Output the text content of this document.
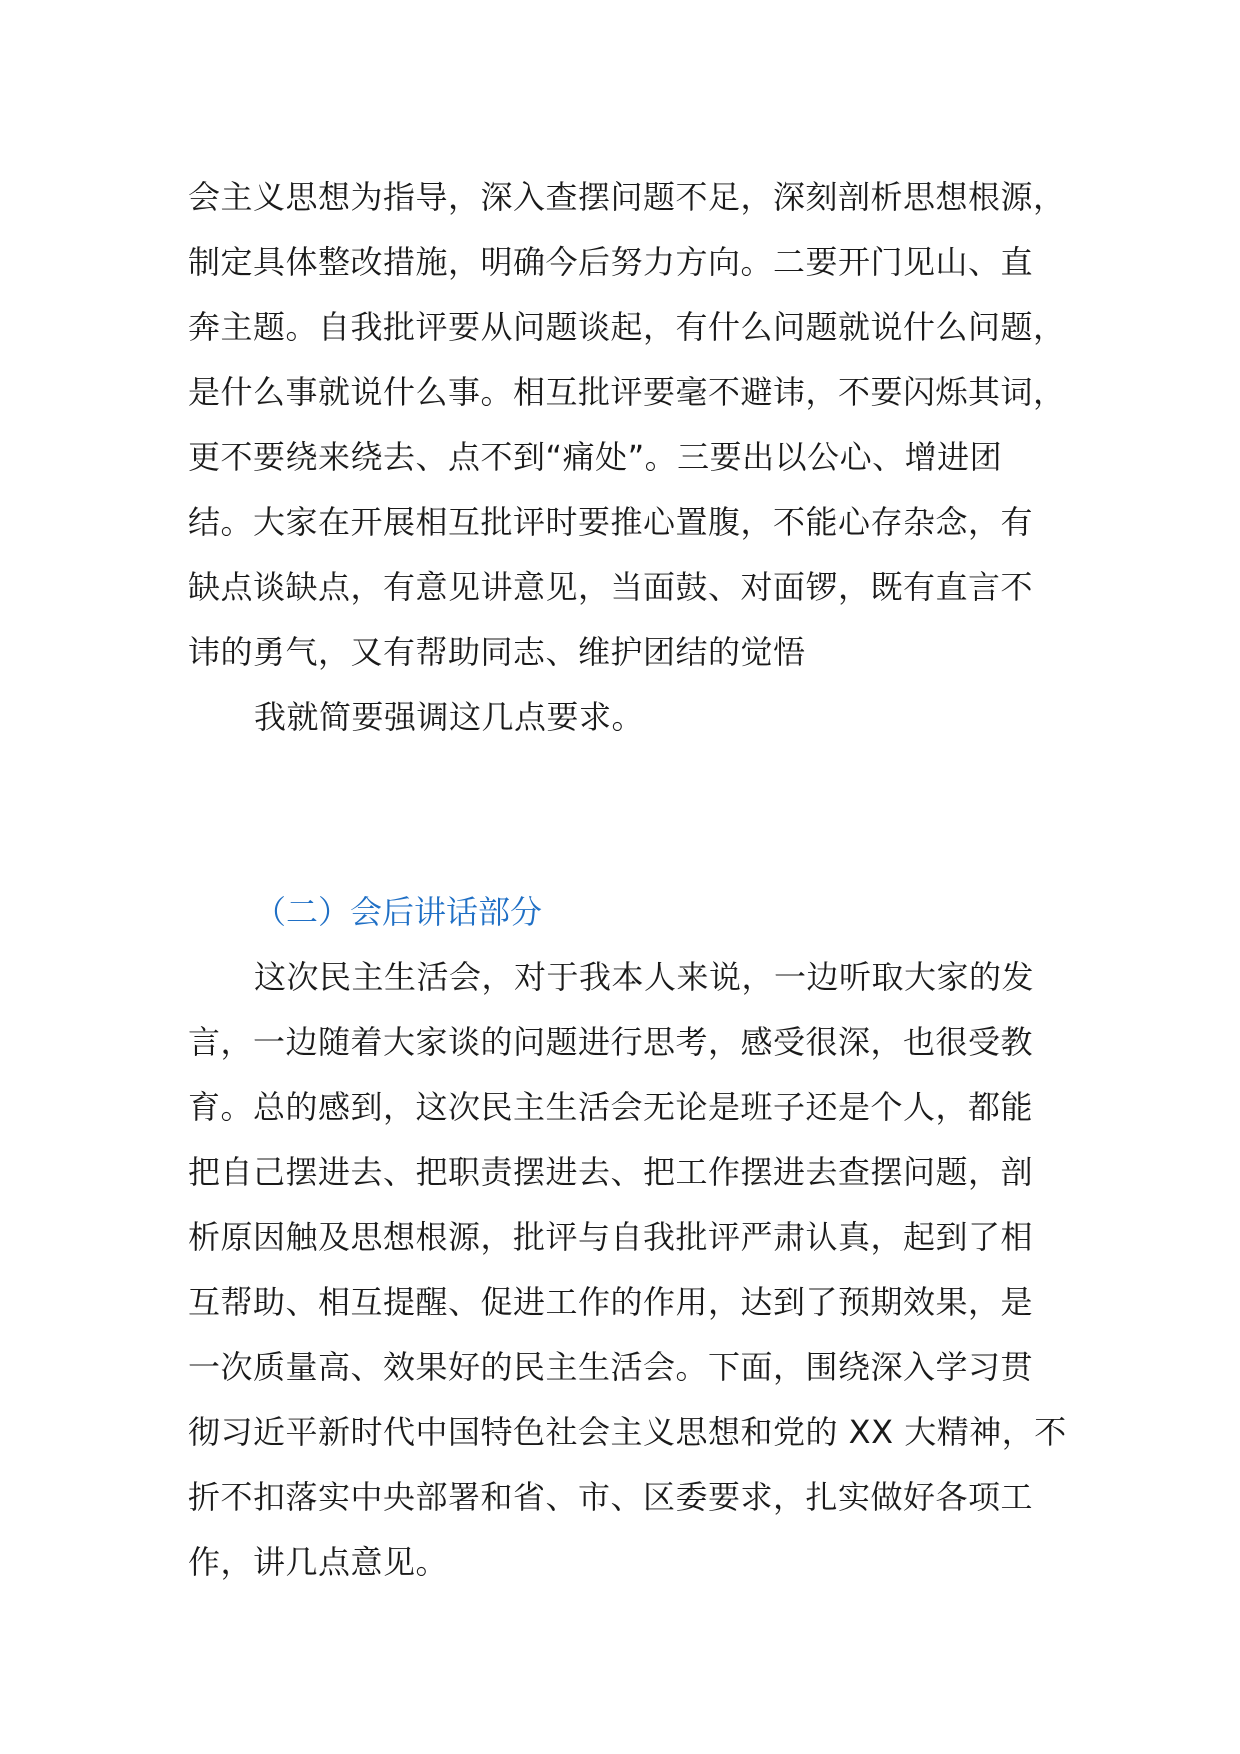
会主义思想为指导，深入查摆问题不足，深刻剖析思想根源，
制定具体整改措施，明确今后努力方向。二要开门见山、直
奔主题。自我批评要从问题谈起，有什么问题就说什么问题，
是什么事就说什么事。相互批评要毫不避讳，不要闪烁其词，
更不要绕来绕去、点不到“痛处”。三要出以公心、增进团
结。大家在开展相互批评时要推心置腹，不能心存杂念，有
缺点谈缺点，有意见讲意见，当面鼓、对面锣，既有直言不
讳的勇气，又有帮助同志、维护团结的觉悟
我就简要强调这几点要求。
（二）会后讲话部分
这次民主生活会，对于我本人来说，一边听取大家的发
言，一边随着大家谈的问题进行思考，感受很深，也很受教
育。总的感到，这次民主生活会无论是班子还是个人，都能
把自己摆进去、把职责摆进去、把工作摆进去查摆问题，剖
析原因触及思想根源，批评与自我批评严肃认真，起到了相
互帮助、相互提醒、促进工作的作用，达到了预期效果，是
一次质量高、效果好的民主生活会。下面，围绕深入学习贯
彻习近平新时代中国特色社会主义思想和党的 XX 大精神，不
折不扣落实中央部署和省、市、区委要求，扎实做好各项工
作，讲几点意见。
